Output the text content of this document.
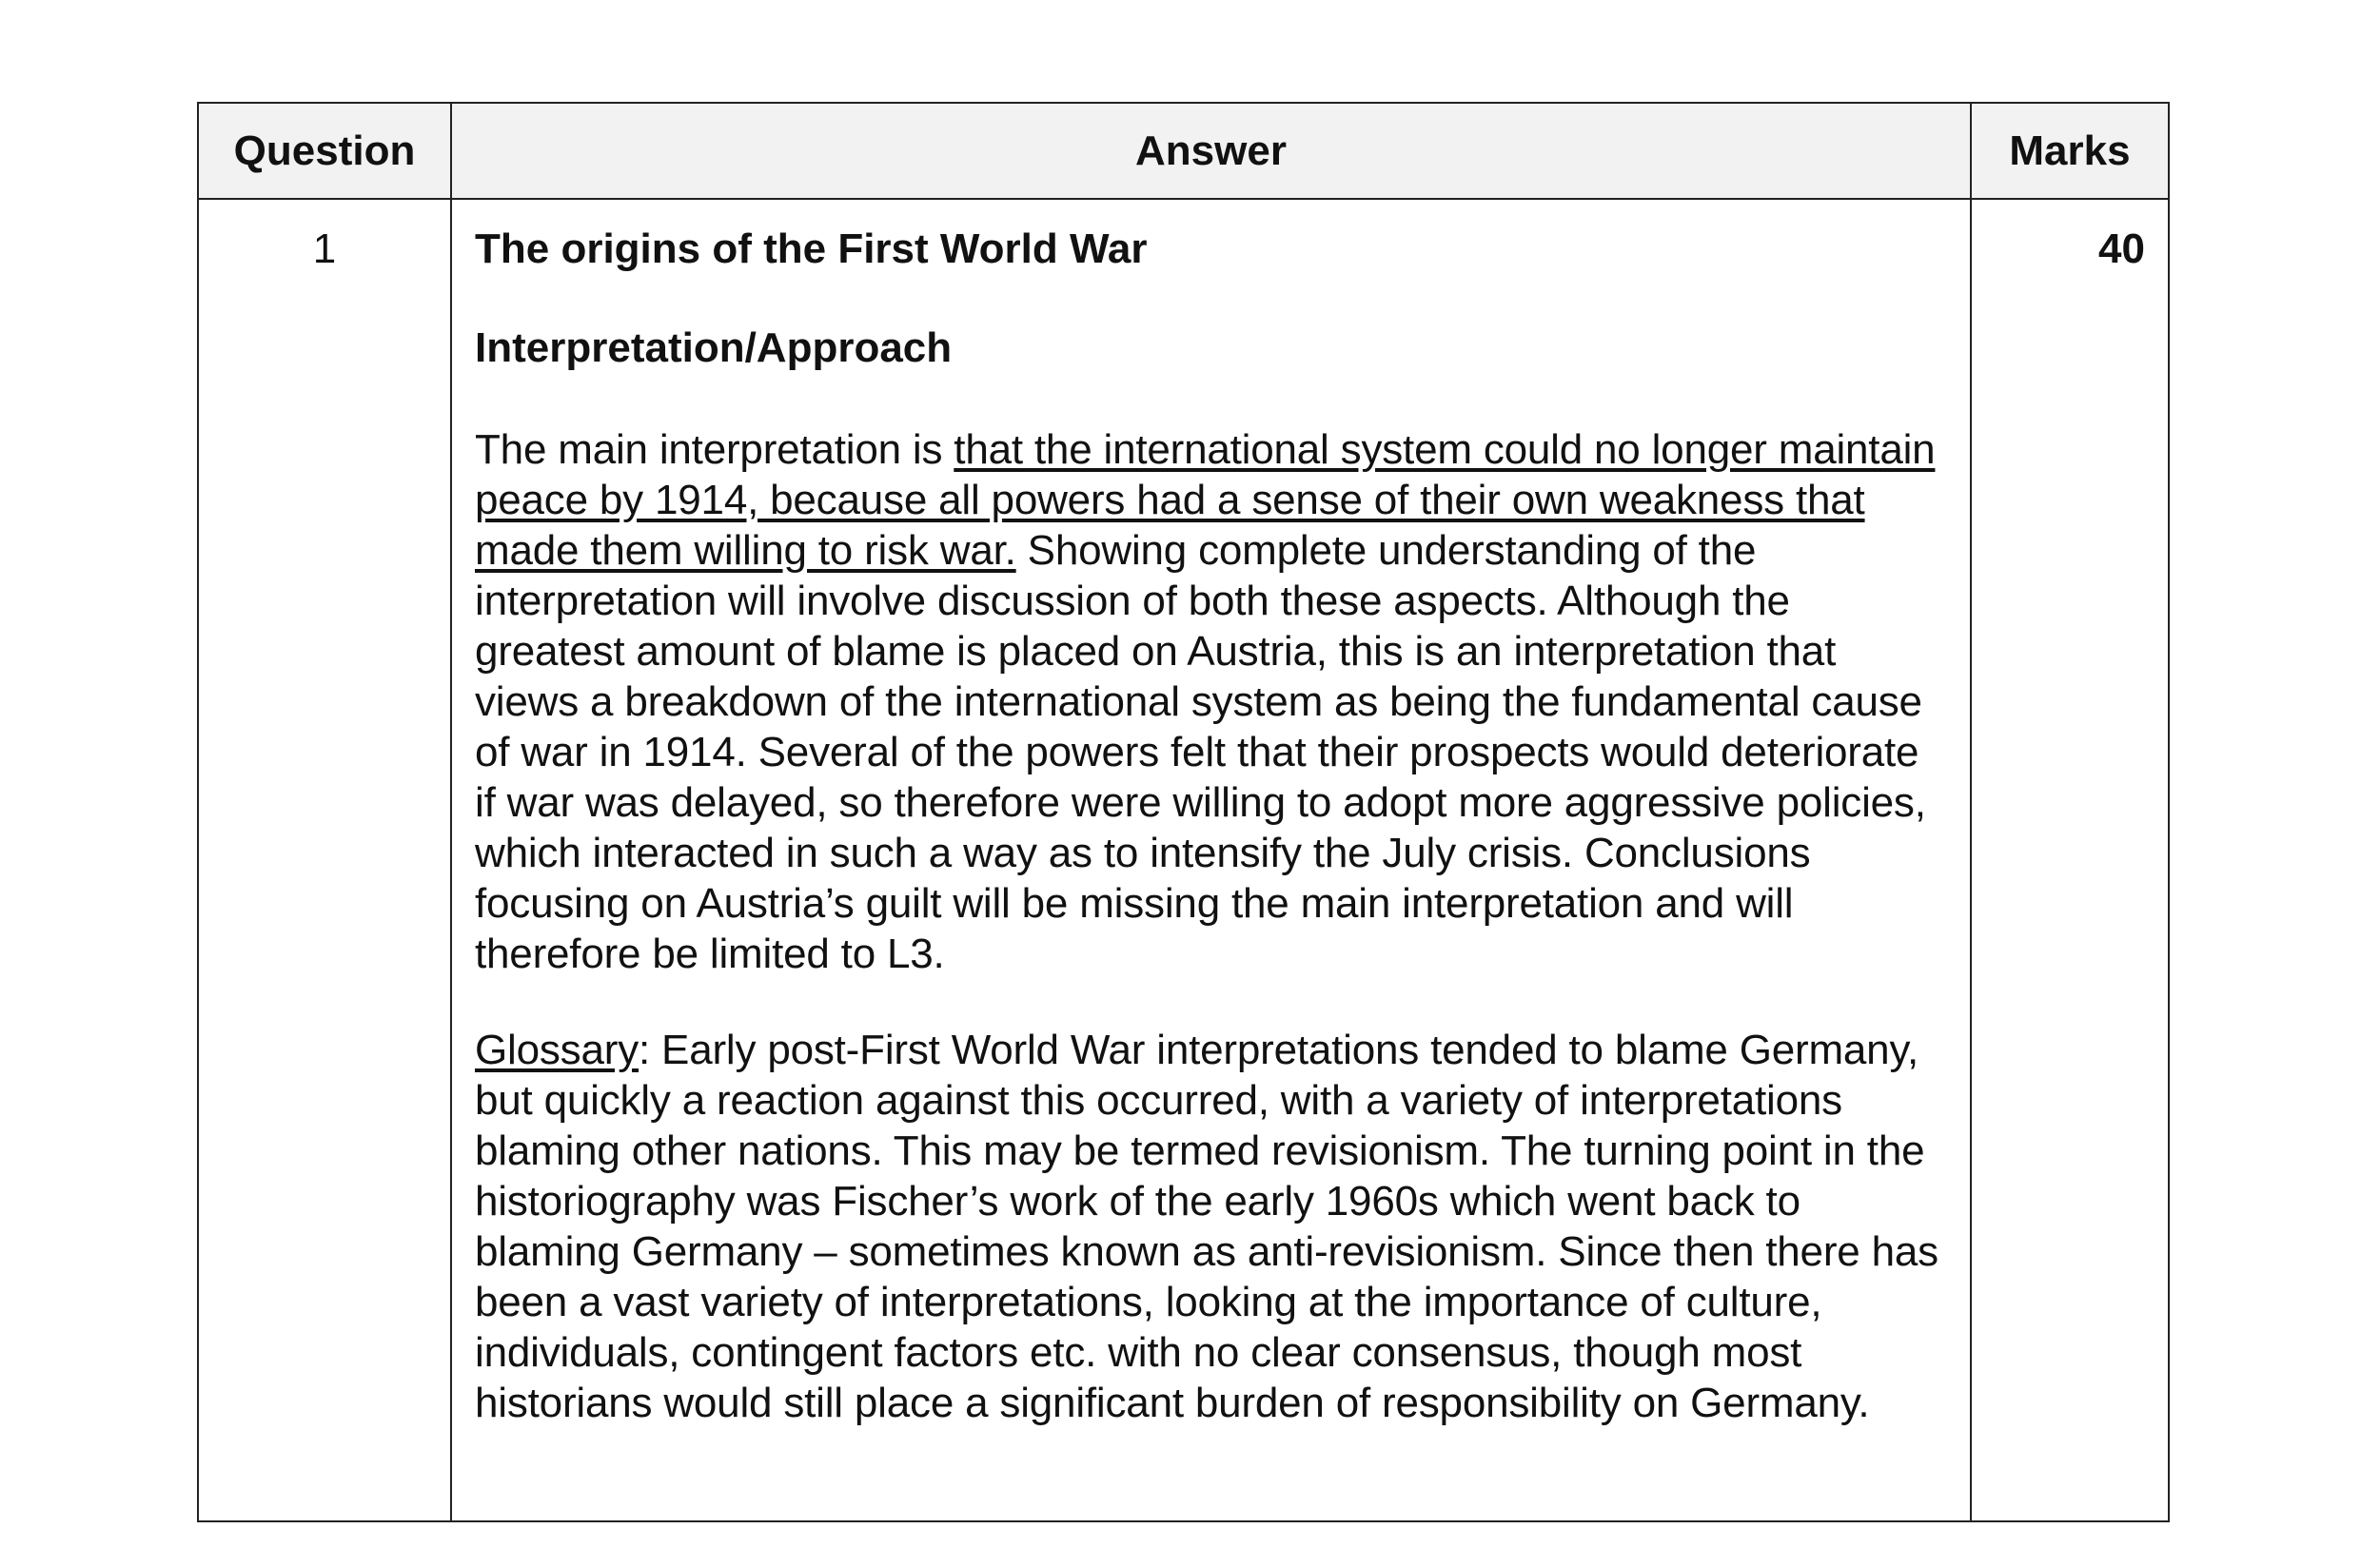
Question	Answer	Marks
1	The origins of the First World War

Interpretation/Approach

The main interpretation is that the international system could no longer maintain peace by 1914, because all powers had a sense of their own weakness that made them willing to risk war. Showing complete understanding of the interpretation will involve discussion of both these aspects. Although the greatest amount of blame is placed on Austria, this is an interpretation that views a breakdown of the international system as being the fundamental cause of war in 1914. Several of the powers felt that their prospects would deteriorate if war was delayed, so therefore were willing to adopt more aggressive policies, which interacted in such a way as to intensify the July crisis. Conclusions focusing on Austria’s guilt will be missing the main interpretation and will therefore be limited to L3.

Glossary: Early post-First World War interpretations tended to blame Germany, but quickly a reaction against this occurred, with a variety of interpretations blaming other nations. This may be termed revisionism. The turning point in the historiography was Fischer’s work of the early 1960s which went back to blaming Germany – sometimes known as anti-revisionism. Since then there has been a vast variety of interpretations, looking at the importance of culture, individuals, contingent factors etc. with no clear consensus, though most historians would still place a significant burden of responsibility on Germany.	40
